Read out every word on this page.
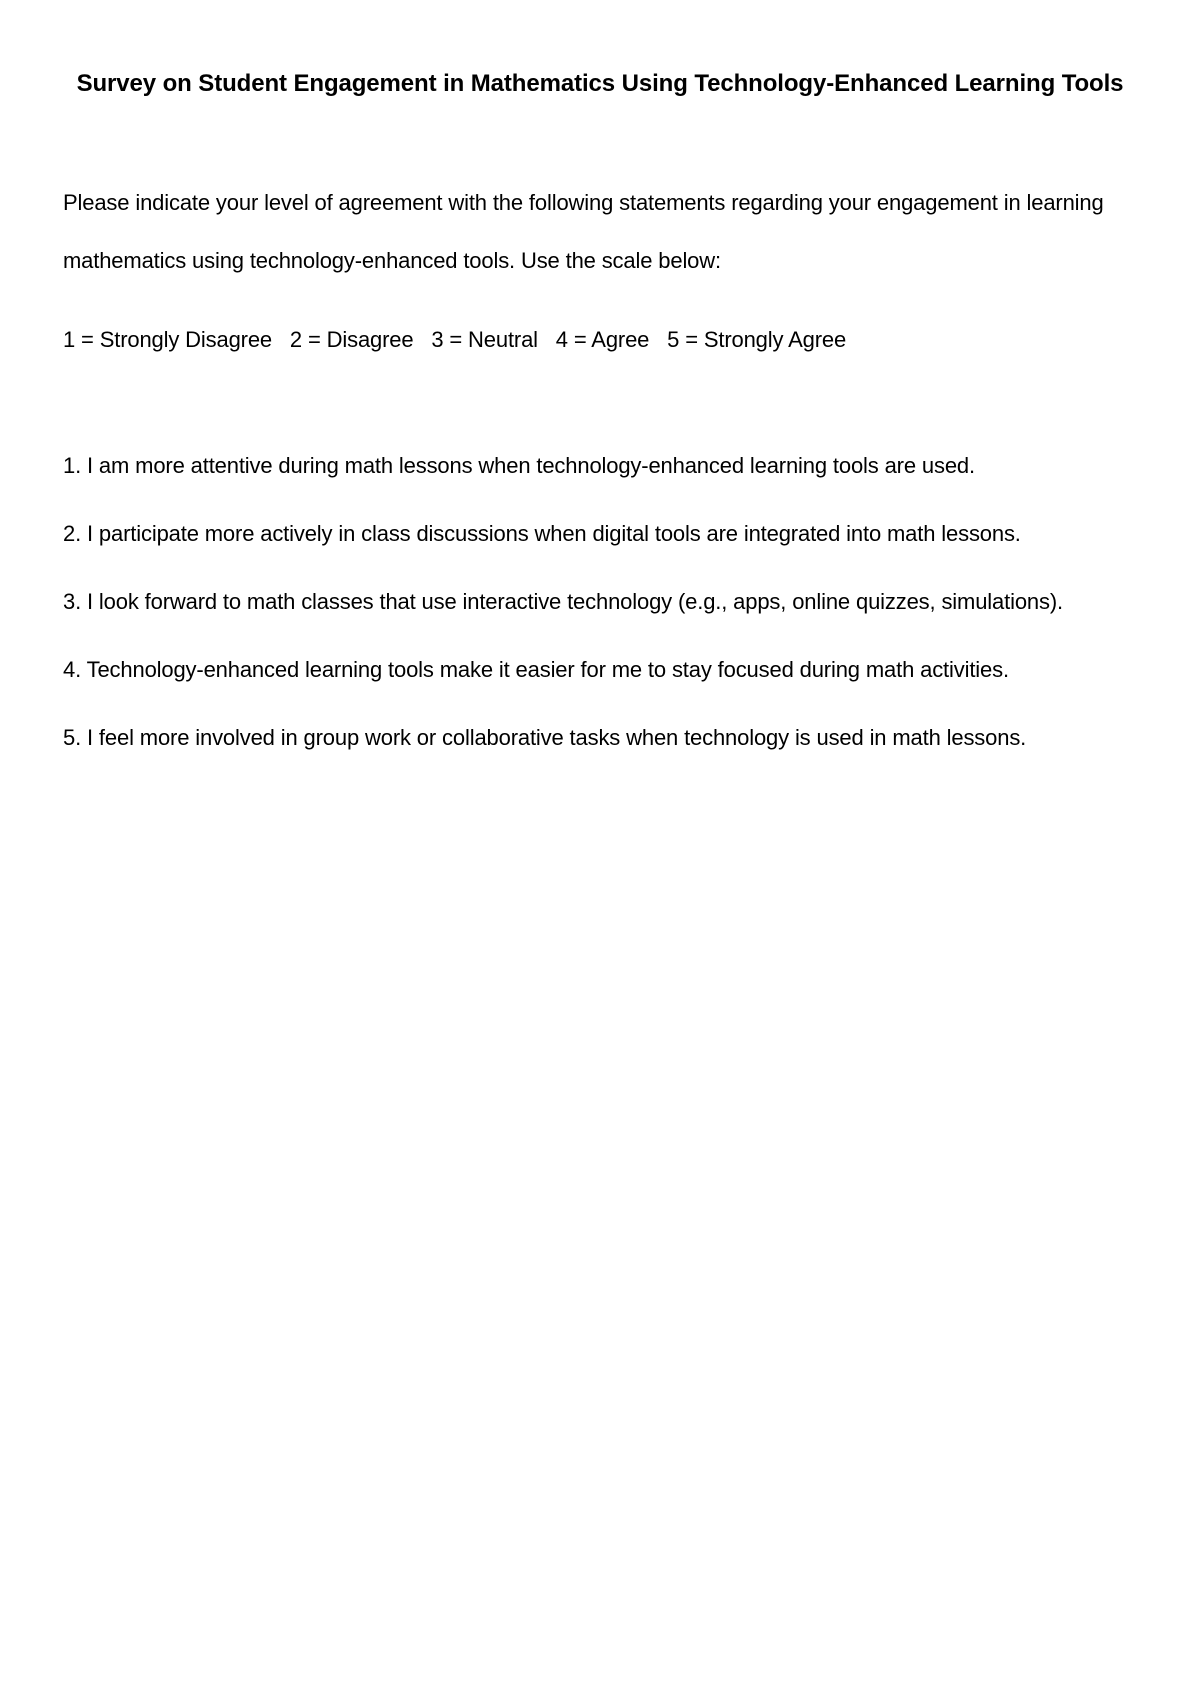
Survey on Student Engagement in Mathematics Using Technology-Enhanced Learning Tools

Please indicate your level of agreement with the following statements regarding your engagement in learning mathematics using technology-enhanced tools. Use the scale below:

1 = Strongly Disagree   2 = Disagree   3 = Neutral   4 = Agree   5 = Strongly Agree

1. I am more attentive during math lessons when technology-enhanced learning tools are used.
2. I participate more actively in class discussions when digital tools are integrated into math lessons.
3. I look forward to math classes that use interactive technology (e.g., apps, online quizzes, simulations).
4. Technology-enhanced learning tools make it easier for me to stay focused during math activities.
5. I feel more involved in group work or collaborative tasks when technology is used in math lessons.
